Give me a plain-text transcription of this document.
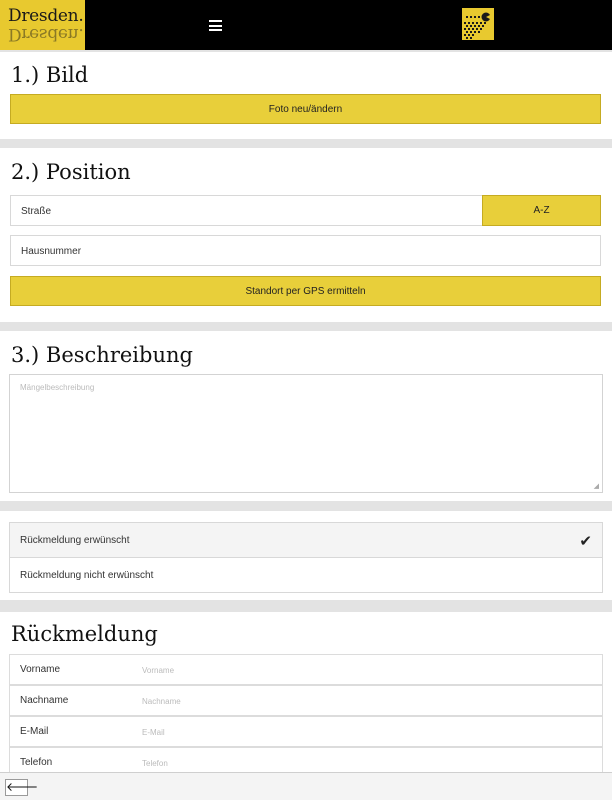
Dresden.
Dresden.
1.) Bild
Foto neu/ändern
2.) Position
Straße	A-Z
Hausnummer
Standort per GPS ermitteln
3.) Beschreibung
Mängelbeschreibung
◢
Rückmeldung erwünscht	✔
Rückmeldung nicht erwünscht
Rückmeldung
Vorname
Vorname
Nachname
Nachname
E-Mail
E-Mail
Telefon
Telefon
🡐
